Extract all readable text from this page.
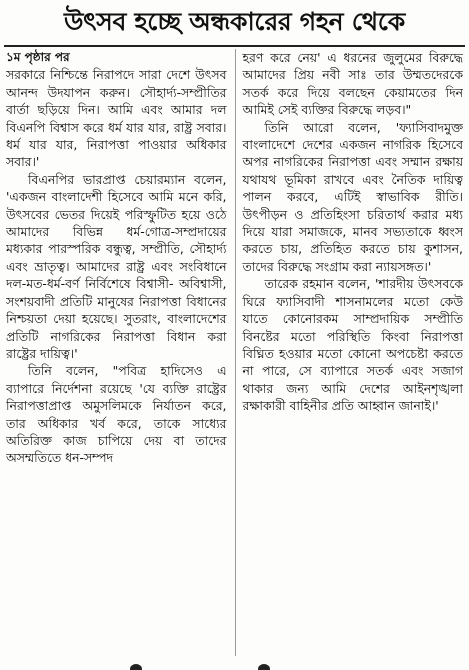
উৎসব হচ্ছে অন্ধকারের গহন থেকে

১ম পৃষ্ঠার পর

সরকারে নিশ্চিন্তে নিরাপদে সারা দেশে উৎসব আনন্দ উদযাপন করুন। সৌহার্দ্য-সম্প্রীতির বার্তা ছড়িয়ে দিন। আমি এবং আমার দল বিএনপি বিশ্বাস করে ধর্ম যার যার, রাষ্ট্র সবার। ধর্ম যার যার, নিরাপত্তা পাওয়ার অধিকার সবার।'

বিএনপির ভারপ্রাপ্ত চেয়ারম্যান বলেন, 'একজন বাংলাদেশী হিসেবে আমি মনে করি, উৎসবের ভেতর দিয়েই পরিস্ফুটিত হয়ে ওঠে আমাদের বিভিন্ন ধর্ম-গোত্র-সম্প্রদায়ের মধ্যকার পারস্পরিক বন্ধুত্ব, সম্প্রীতি, সৌহার্দ্য এবং ভ্রাতৃত্ব। আমাদের রাষ্ট্র এবং সংবিধানে দল-মত-ধর্ম-বর্ণ নির্বিশেষে বিশ্বাসী- অবিশ্বাসী, সংশয়বাদী প্রতিটি মানুষের নিরাপত্তা বিধানের নিশ্চয়তা দেয়া হয়েছে। সুতরাং, বাংলাদেশের প্রতিটি নাগরিকের নিরাপত্তা বিধান করা রাষ্ট্রের দায়িত্ব।'

তিনি বলেন, "পবিত্র হাদিসেও এ ব্যাপারে নির্দেশনা রয়েছে 'যে ব্যক্তি রাষ্ট্রের নিরাপত্তাপ্রাপ্ত অমুসলিমকে নির্যাতন করে, তার অধিকার খর্ব করে, তাকে সাধ্যের অতিরিক্ত কাজ চাপিয়ে দেয় বা তাদের অসম্মতিতে ধন-সম্পদ

হরণ করে নেয়' এ ধরনের জুলুমের বিরুদ্ধে আমাদের প্রিয় নবী সাঃ তার উম্মতদেরকে সতর্ক করে দিয়ে বলছেন কেয়ামতের দিন আমিই সেই ব্যক্তির বিরুদ্ধে লড়ব।"

তিনি আরো বলেন, 'ফ্যাসিবাদমুক্ত বাংলাদেশে দেশের একজন নাগরিক হিসেবে অপর নাগরিকের নিরাপত্তা এবং সম্মান রক্ষায় যথাযথ ভূমিকা রাখবে এবং নৈতিক দায়িত্ব পালন করবে, এটিই স্বাভাবিক রীতি। উৎপীড়ন ও প্রতিহিংসা চরিতার্থ করার মধ্য দিয়ে যারা সমাজকে, মানব সভ্যতাকে ধ্বংস করতে চায়, প্রতিহিত করতে চায় কুশাসন, তাদের বিরুদ্ধে সংগ্রাম করা ন্যায়সঙ্গত।'

তারেক রহমান বলেন, 'শারদীয় উৎসবকে ঘিরে ফ্যাসিবাদী শাসনামলের মতো কেউ যাতে কোনোরকম সাম্প্রদায়িক সম্প্রীতি বিনষ্টের মতো পরিস্থিতি কিংবা নিরাপত্তা বিঘ্নিত হওয়ার মতো কোনো অপচেষ্টা করতে না পারে, সে ব্যাপারে সতর্ক এবং সজাগ থাকার জন্য আমি দেশের আইনশৃঙ্খলা রক্ষাকারী বাহিনীর প্রতি আহ্বান জানাই।'
